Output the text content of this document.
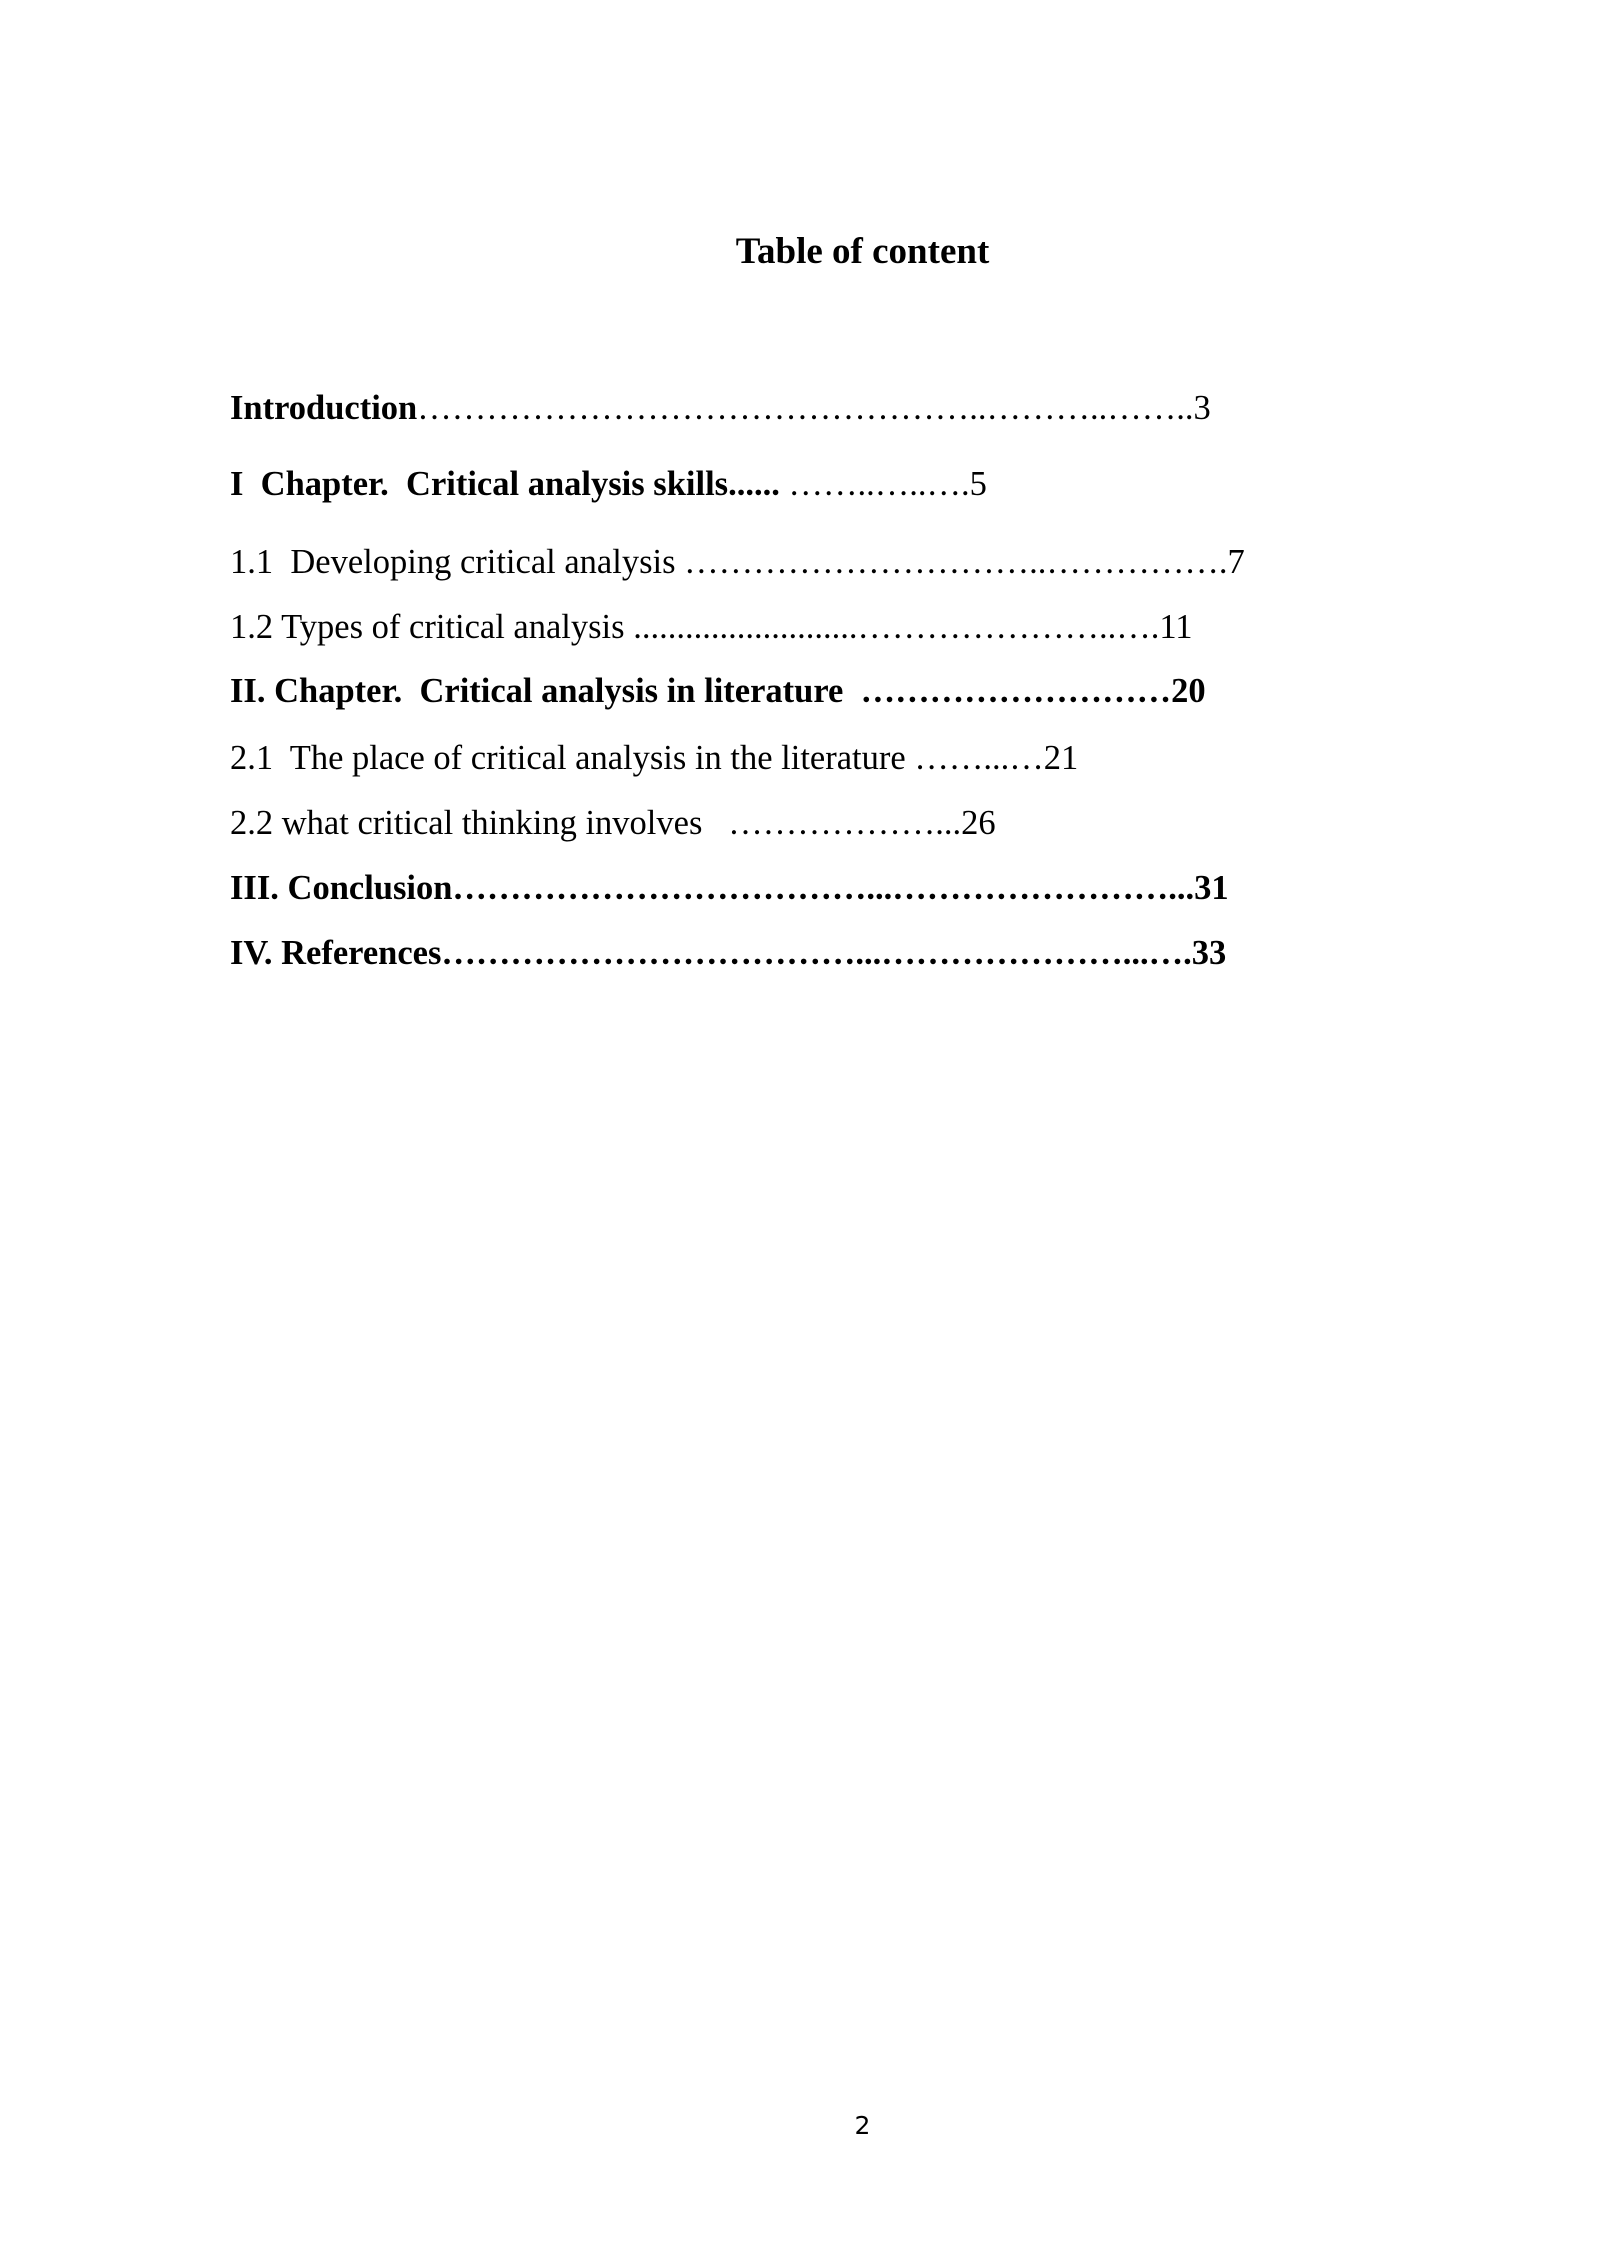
Table of content
Introduction…………………………………………..………..……..3
I  Chapter.  Critical analysis skills...... ……..…..….5
1.1  Developing critical analysis …………………………..…………….7
1.2 Types of critical analysis ..........................…………………..….11
II. Chapter.  Critical analysis in literature  ………………………20
2.1  The place of critical analysis in the literature ……...…21
2.2 what critical thinking involves   ………………...26
III. Conclusion………………………………...……………………...31
IV. References………………………………...…………………...….33
2
